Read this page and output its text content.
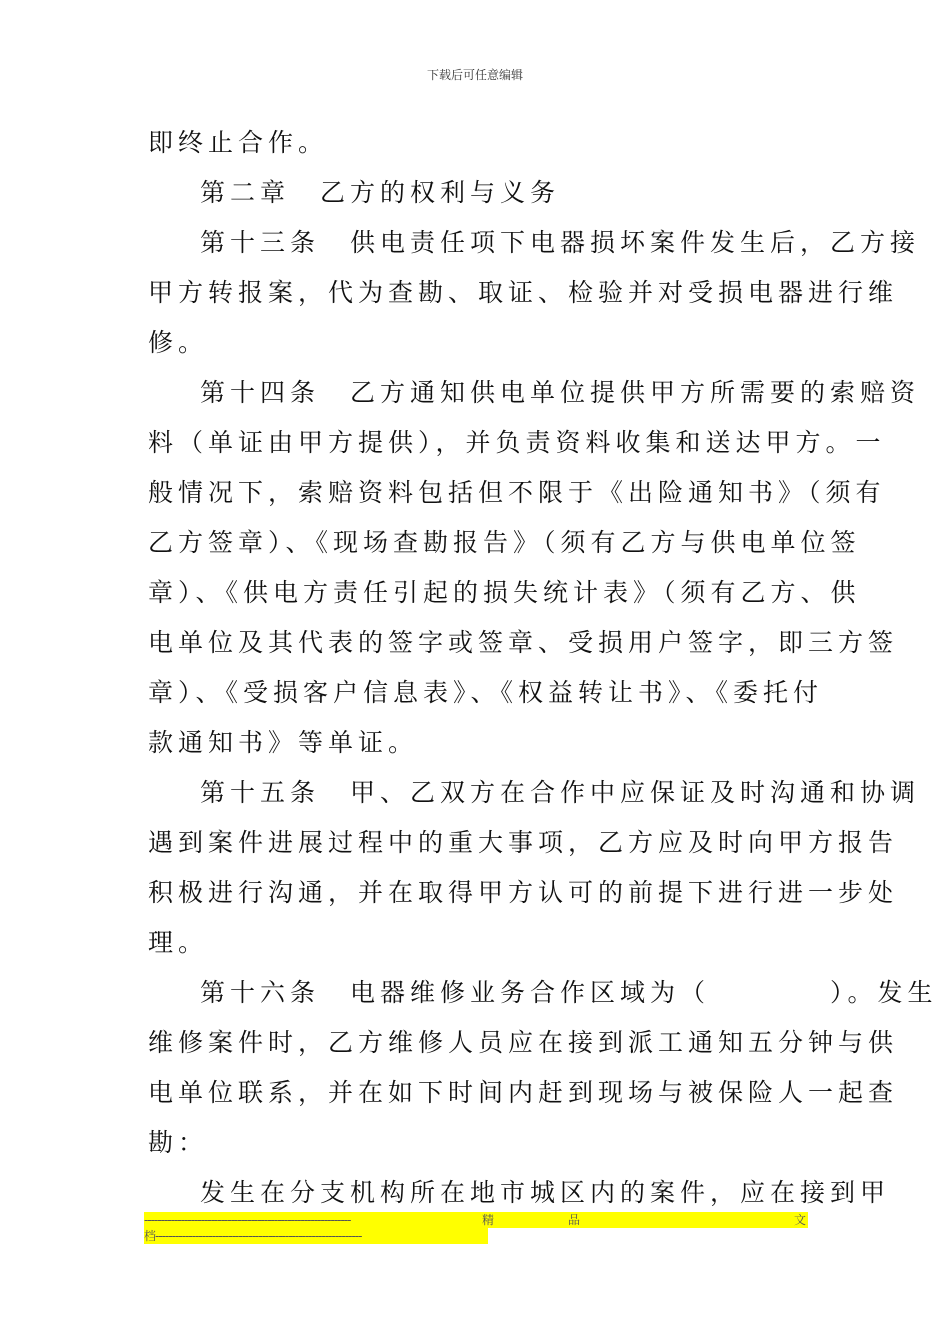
下载后可任意编辑
即终止合作。
第二章　乙方的权利与义务
第十三条　供电责任项下电器损坏案件发生后，乙方接
甲方转报案，代为查勘、取证、检验并对受损电器进行维
修。
第十四条　乙方通知供电单位提供甲方所需要的索赔资
料（单证由甲方提供），并负责资料收集和送达甲方。一
般情况下，索赔资料包括但不限于《出险通知书》（须有
乙方签章）、《现场查勘报告》（须有乙方与供电单位签
章）、《供电方责任引起的损失统计表》（须有乙方、供
电单位及其代表的签字或签章、受损用户签字，即三方签
章）、《受损客户信息表》、《权益转让书》、《委托付
款通知书》等单证。
第十五条　甲、乙双方在合作中应保证及时沟通和协调
遇到案件进展过程中的重大事项，乙方应及时向甲方报告
积极进行沟通，并在取得甲方认可的前提下进行进一步处
理。
第十六条　电器维修业务合作区域为（　　　　）。发生
维修案件时，乙方维修人员应在接到派工通知五分钟与供
电单位联系，并在如下时间内赶到现场与被保险人一起查
勘：
发生在分支机构所在地市城区内的案件，应在接到甲
--------------------------------------------------------------	精	品	文
档--------------------------------------------------------------
